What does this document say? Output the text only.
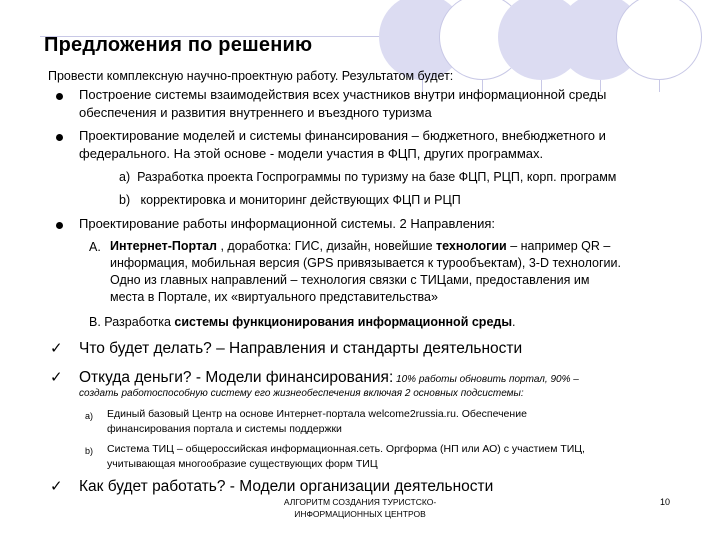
Предложения по решению
Провести комплексную научно-проектную работу. Результатом будет:
Построение системы взаимодействия всех участников внутри информационной среды
обеспечения и развития внутреннего и въездного туризма
Проектирование моделей и системы финансирования – бюджетного, внебюджетного и
федерального. На этой основе - модели участия в ФЦП, других программах.
a) Разработка проекта Госпрограммы по туризму на базе ФЦП, РЦП, корп. программ
b) корректировка и мониторинг действующих ФЦП и РЦП
Проектирование работы информационной системы. 2 Направления:
A. Интернет-Портал , доработка: ГИС, дизайн, новейшие технологии – например QR –
информация, мобильная версия (GPS привязывается к турообъектам), 3-D технологии.
Одно из главных направлений – технология связки с ТИЦами, предоставления им
места в Портале, их «виртуального представительства»
B. Разработка системы функционирования информационной среды.
✓ Что будет делать? – Направления и стандарты деятельности
✓ Откуда деньги? - Модели финансирования: 10% работы обновить портал, 90% –
создать работоспособную систему его жизнеобеспечения включая 2 основных подсистемы:
a) Единый базовый Центр на основе Интернет-портала welcome2russia.ru. Обеспечение
финансирования портала и системы поддержки
b) Система ТИЦ – общероссийская информационная.сеть. Оргформа (НП или АО) с участием ТИЦ,
учитывающая многообразие существующих форм ТИЦ
✓ Как будет работать? - Модели организации деятельности
АЛГОРИТМ СОЗДАНИЯ ТУРИСТСКО-
ИНФОРМАЦИОННЫХ ЦЕНТРОВ
10
